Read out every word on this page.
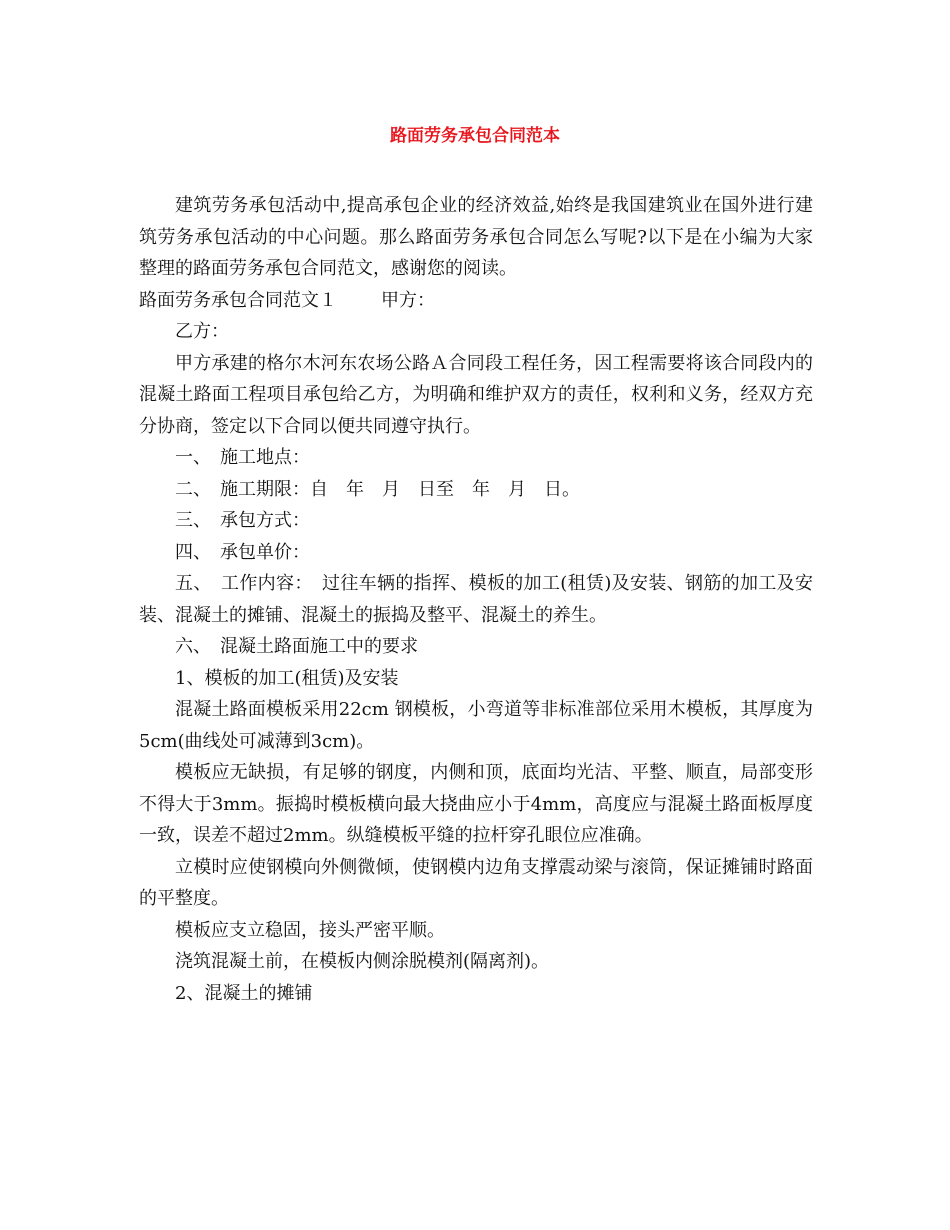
路面劳务承包合同范本

建筑劳务承包活动中,提高承包企业的经济效益,始终是我国建筑业在国外进行建筑劳务承包活动的中心问题。那么路面劳务承包合同怎么写呢?以下是在小编为大家整理的路面劳务承包合同范文，感谢您的阅读。

路面劳务承包合同范文１ 甲方：

乙方：

甲方承建的格尔木河东农场公路Ａ合同段工程任务，因工程需要将该合同段内的混凝土路面工程项目承包给乙方，为明确和维护双方的责任，权利和义务，经双方充分协商，签定以下合同以便共同遵守执行。

一、　施工地点：

二、　施工期限：自　年　月　日至　年　月　日。

三、　承包方式：

四、　承包单价：

五、　工作内容：　过往车辆的指挥、模板的加工(租赁)及安装、钢筋的加工及安装、混凝土的摊铺、混凝土的振捣及整平、混凝土的养生。

六、　混凝土路面施工中的要求

1、模板的加工(租赁)及安装

混凝土路面模板采用22cm 钢模板，小弯道等非标准部位采用木模板，其厚度为5cm(曲线处可减薄到3cm)。

模板应无缺损，有足够的钢度，内侧和顶，底面均光洁、平整、顺直，局部变形不得大于3mm。振捣时模板横向最大挠曲应小于4mm，高度应与混凝土路面板厚度一致，误差不超过2mm。纵缝模板平缝的拉杆穿孔眼位应准确。

立模时应使钢模向外侧微倾，使钢模内边角支撑震动梁与滚筒，保证摊铺时路面的平整度。

模板应支立稳固，接头严密平顺。

浇筑混凝土前，在模板内侧涂脱模剂(隔离剂)。

2、混凝土的摊铺
